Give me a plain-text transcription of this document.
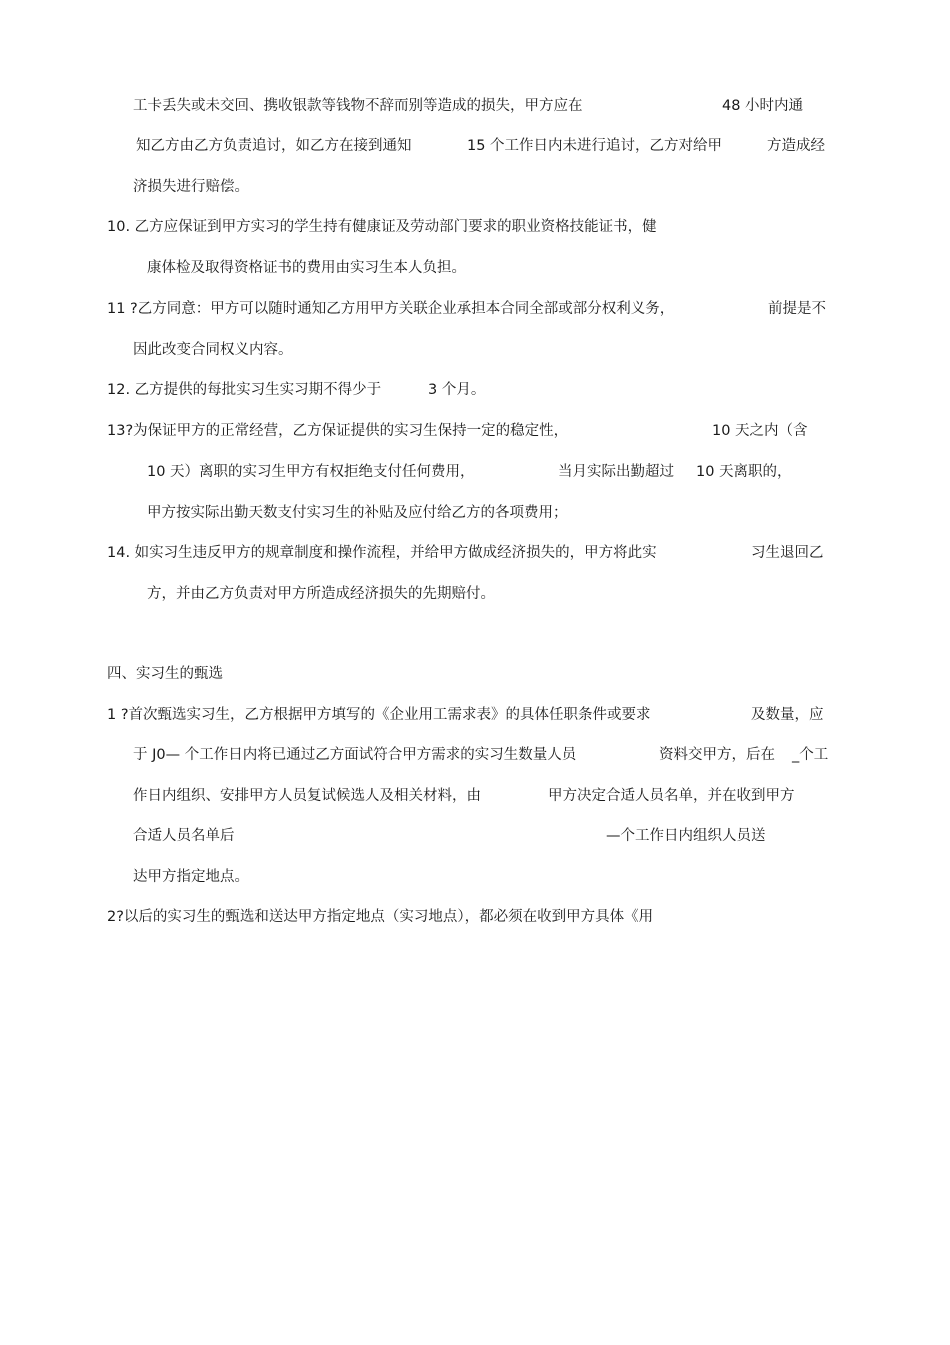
工卡丢失或未交回、携收银款等钱物不辞而别等造成的损失，甲方应在	48 小时内通
知乙方由乙方负责追讨，如乙方在接到通知	15 个工作日内未进行追讨，乙方对给甲	方造成经
济损失进行赔偿。
10. 乙方应保证到甲方实习的学生持有健康证及劳动部门要求的职业资格技能证书，健
康体检及取得资格证书的费用由实习生本人负担。
11 ?乙方同意：甲方可以随时通知乙方用甲方关联企业承担本合同全部或部分权利义务，	前提是不
因此改变合同权义内容。
12. 乙方提供的每批实习生实习期不得少于	3 个月。
13?为保证甲方的正常经营，乙方保证提供的实习生保持一定的稳定性，	10 天之内（含
10 天）离职的实习生甲方有权拒绝支付任何费用，	当月实际出勤超过 10 天离职的，
甲方按实际出勤天数支付实习生的补贴及应付给乙方的各项费用；
14. 如实习生违反甲方的规章制度和操作流程，并给甲方做成经济损失的，甲方将此实	习生退回乙
方，并由乙方负责对甲方所造成经济损失的先期赔付。
四、实习生的甄选
1 ?首次甄选实习生，乙方根据甲方填写的《企业用工需求表》的具体任职条件或要求	及数量，应
于 J0— 个工作日内将已通过乙方面试符合甲方需求的实习生数量人员	资料交甲方，后在 _个工
作日内组织、安排甲方人员复试候选人及相关材料，由	甲方决定合适人员名单，并在收到甲方
合适人员名单后	—个工作日内组织人员送
达甲方指定地点。
2?以后的实习生的甄选和送达甲方指定地点（实习地点），都必须在收到甲方具体《用
